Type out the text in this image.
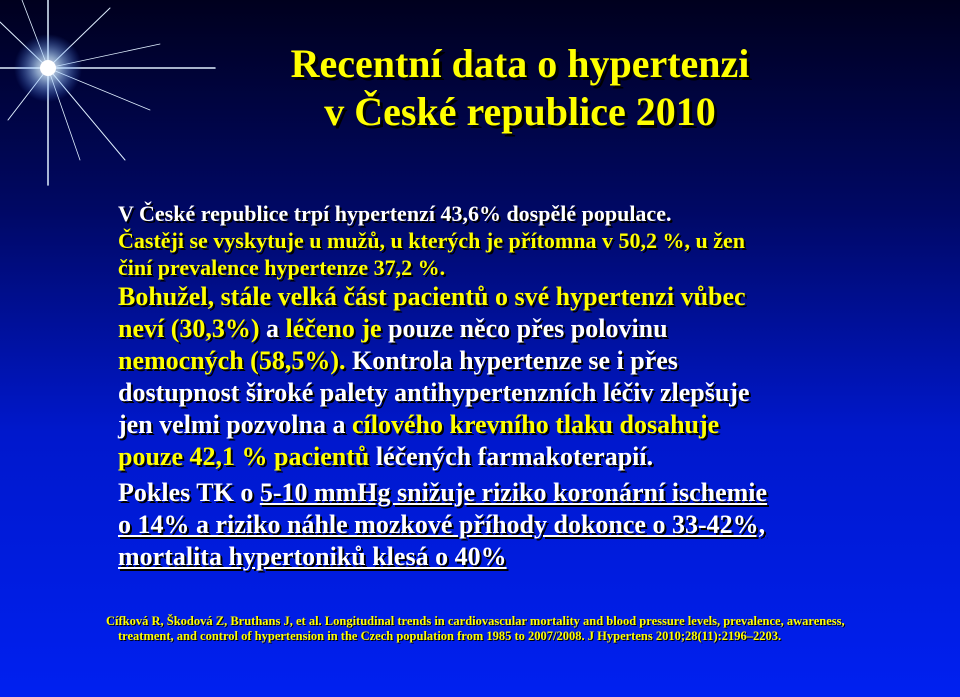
Recentní data o hypertenzi
v České republice 2010
V České republice trpí hypertenzí 43,6% dospělé populace.
Častěji se vyskytuje u mužů, u kterých je přítomna v 50,2 %, u žen
činí prevalence hypertenze 37,2 %.
Bohužel, stále velká část pacientů o své hypertenzi vůbec
neví (30,3%) a léčeno je pouze něco přes polovinu
nemocných (58,5%). Kontrola hypertenze se i přes
dostupnost široké palety antihypertenzních léčiv zlepšuje
jen velmi pozvolna a cílového krevního tlaku dosahuje
pouze 42,1 % pacientů léčených farmakoterapií.
Pokles TK o 5-10 mmHg snižuje riziko koronární ischemie
o 14% a riziko náhle mozkové příhody dokonce o 33-42%,
mortalita hypertoniků klesá o 40%
Cífková R, Škodová Z, Bruthans J, et al. Longitudinal trends in cardiovascular mortality and blood pressure levels, prevalence, awareness,
treatment, and control of hypertension in the Czech population from 1985 to 2007/2008. J Hypertens 2010;28(11):2196–2203.
